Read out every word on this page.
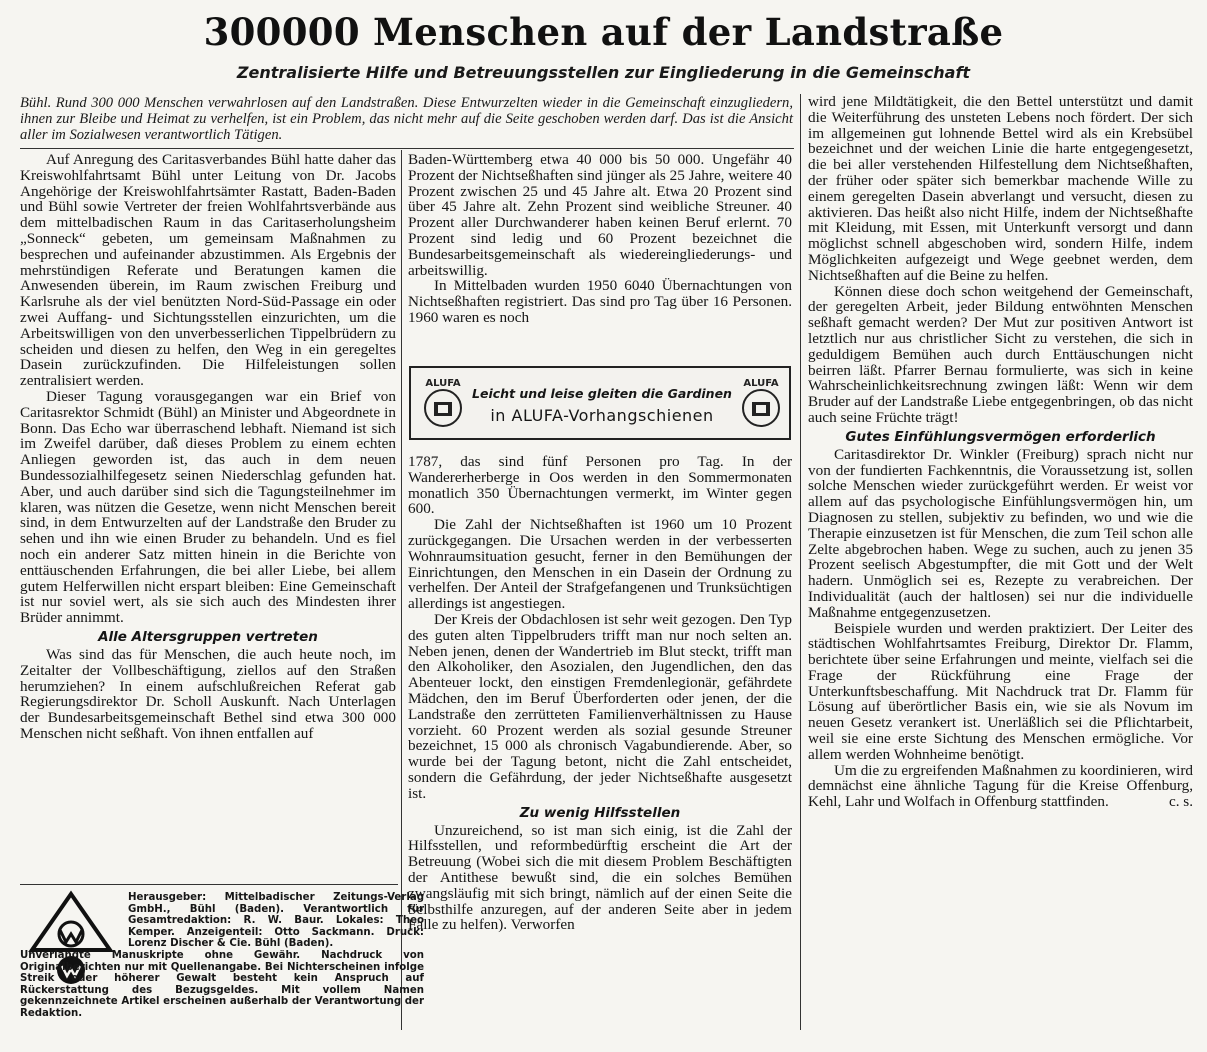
300000 Menschen auf der Landstraße
Zentralisierte Hilfe und Betreuungsstellen zur Eingliederung in die Gemeinschaft

Bühl. Rund 300 000 Menschen verwahrlosen auf den Landstraßen. Diese Entwurzelten wieder in die Gemeinschaft einzugliedern, ihnen zur Bleibe und Heimat zu verhelfen, ist ein Problem, das nicht mehr auf die Seite geschoben werden darf. Das ist die Ansicht aller im Sozialwesen verantwortlich Tätigen.

Auf Anregung des Caritasverbandes Bühl hatte daher das Kreiswohlfahrtsamt Bühl unter Leitung von Dr. Jacobs Angehörige der Kreiswohlfahrtsämter Rastatt, Baden-Baden und Bühl sowie Vertreter der freien Wohlfahrtsverbände aus dem mittelbadischen Raum in das Caritaserholungsheim „Sonneck“ gebeten, um gemeinsam Maßnahmen zu besprechen und aufeinander abzustimmen. Als Ergebnis der mehrstündigen Referate und Beratungen kamen die Anwesenden überein, im Raum zwischen Freiburg und Karlsruhe als der viel benützten Nord-Süd-Passage ein oder zwei Auffang- und Sichtungsstellen einzurichten, um die Arbeitswilligen von den unverbesserlichen Tippelbrüdern zu scheiden und diesen zu helfen, den Weg in ein geregeltes Dasein zurückzufinden. Die Hilfeleistungen sollen zentralisiert werden.

Dieser Tagung vorausgegangen war ein Brief von Caritasrektor Schmidt (Bühl) an Minister und Abgeordnete in Bonn. Das Echo war überraschend lebhaft. Niemand ist sich im Zweifel darüber, daß dieses Problem zu einem echten Anliegen geworden ist, das auch in dem neuen Bundessozialhilfegesetz seinen Niederschlag gefunden hat. Aber, und auch darüber sind sich die Tagungsteilnehmer im klaren, was nützen die Gesetze, wenn nicht Menschen bereit sind, in dem Entwurzelten auf der Landstraße den Bruder zu sehen und ihn wie einen Bruder zu behandeln. Und es fiel noch ein anderer Satz mitten hinein in die Berichte von enttäuschenden Erfahrungen, die bei aller Liebe, bei allem gutem Helferwillen nicht erspart bleiben: Eine Gemeinschaft ist nur soviel wert, als sie sich auch des Mindesten ihrer Brüder annimmt.

Alle Altersgruppen vertreten

Was sind das für Menschen, die auch heute noch, im Zeitalter der Vollbeschäftigung, ziellos auf den Straßen herumziehen? In einem aufschlußreichen Referat gab Regierungsdirektor Dr. Scholl Auskunft. Nach Unterlagen der Bundesarbeitsgemeinschaft Bethel sind etwa 300 000 Menschen nicht seßhaft. Von ihnen entfallen auf

Baden-Württemberg etwa 40 000 bis 50 000. Ungefähr 40 Prozent der Nichtseßhaften sind jünger als 25 Jahre, weitere 40 Prozent zwischen 25 und 45 Jahre alt. Etwa 20 Prozent sind über 45 Jahre alt. Zehn Prozent sind weibliche Streuner. 40 Prozent aller Durchwanderer haben keinen Beruf erlernt. 70 Prozent sind ledig und 60 Prozent bezeichnet die Bundesarbeitsgemeinschaft als wiedereingliederungs- und arbeitswillig.

In Mittelbaden wurden 1950 6040 Übernachtungen von Nichtseßhaften registriert. Das sind pro Tag über 16 Personen. 1960 waren es noch

ALUFA
Leicht und leise gleiten die Gardinen
in ALUFA-Vorhangschienen
ALUFA

1787, das sind fünf Personen pro Tag. In der Wandererherberge in Oos werden in den Sommermonaten monatlich 350 Übernachtungen vermerkt, im Winter gegen 600.

Die Zahl der Nichtseßhaften ist 1960 um 10 Prozent zurückgegangen. Die Ursachen werden in der verbesserten Wohnraumsituation gesucht, ferner in den Bemühungen der Einrichtungen, den Menschen in ein Dasein der Ordnung zu verhelfen. Der Anteil der Strafgefangenen und Trunksüchtigen allerdings ist angestiegen.

Der Kreis der Obdachlosen ist sehr weit gezogen. Den Typ des guten alten Tippelbruders trifft man nur noch selten an. Neben jenen, denen der Wandertrieb im Blut steckt, trifft man den Alkoholiker, den Asozialen, den Jugendlichen, den das Abenteuer lockt, den einstigen Fremdenlegionär, gefährdete Mädchen, den im Beruf Überforderten oder jenen, der die Landstraße den zerrütteten Familienverhältnissen zu Hause vorzieht. 60 Prozent werden als sozial gesunde Streuner bezeichnet, 15 000 als chronisch Vagabundierende. Aber, so wurde bei der Tagung betont, nicht die Zahl entscheidet, sondern die Gefährdung, der jeder Nichtseßhafte ausgesetzt ist.

Zu wenig Hilfsstellen

Unzureichend, so ist man sich einig, ist die Zahl der Hilfsstellen, und reformbedürftig erscheint die Art der Betreuung (Wobei sich die mit diesem Problem Beschäftigten der Antithese bewußt sind, die ein solches Bemühen zwangsläufig mit sich bringt, nämlich auf der einen Seite die Selbsthilfe anzuregen, auf der anderen Seite aber in jedem Falle zu helfen). Verworfen

wird jene Mildtätigkeit, die den Bettel unterstützt und damit die Weiterführung des unsteten Lebens noch fördert. Der sich im allgemeinen gut lohnende Bettel wird als ein Krebsübel bezeichnet und der weichen Linie die harte entgegengesetzt, die bei aller verstehenden Hilfestellung dem Nichtseßhaften, der früher oder später sich bemerkbar machende Wille zu einem geregelten Dasein abverlangt und versucht, diesen zu aktivieren. Das heißt also nicht Hilfe, indem der Nichtseßhafte mit Kleidung, mit Essen, mit Unterkunft versorgt und dann möglichst schnell abgeschoben wird, sondern Hilfe, indem Möglichkeiten aufgezeigt und Wege geebnet werden, dem Nichtseßhaften auf die Beine zu helfen.

Können diese doch schon weitgehend der Gemeinschaft, der geregelten Arbeit, jeder Bildung entwöhnten Menschen seßhaft gemacht werden? Der Mut zur positiven Antwort ist letztlich nur aus christlicher Sicht zu verstehen, die sich in geduldigem Bemühen auch durch Enttäuschungen nicht beirren läßt. Pfarrer Bernau formulierte, was sich in keine Wahrscheinlichkeitsrechnung zwingen läßt: Wenn wir dem Bruder auf der Landstraße Liebe entgegenbringen, ob das nicht auch seine Früchte trägt!

Gutes Einfühlungsvermögen erforderlich

Caritasdirektor Dr. Winkler (Freiburg) sprach nicht nur von der fundierten Fachkenntnis, die Voraussetzung ist, sollen solche Menschen wieder zurückgeführt werden. Er weist vor allem auf das psychologische Einfühlungsvermögen hin, um Diagnosen zu stellen, subjektiv zu befinden, wo und wie die Therapie einzusetzen ist für Menschen, die zum Teil schon alle Zelte abgebrochen haben. Wege zu suchen, auch zu jenen 35 Prozent seelisch Abgestumpfter, die mit Gott und der Welt hadern. Unmöglich sei es, Rezepte zu verabreichen. Der Individualität (auch der haltlosen) sei nur die individuelle Maßnahme entgegenzusetzen.

Beispiele wurden und werden praktiziert. Der Leiter des städtischen Wohlfahrtsamtes Freiburg, Direktor Dr. Flamm, berichtete über seine Erfahrungen und meinte, vielfach sei die Frage der Rückführung eine Frage der Unterkunftsbeschaffung. Mit Nachdruck trat Dr. Flamm für Lösung auf überörtlicher Basis ein, wie sie als Novum im neuen Gesetz verankert ist. Unerläßlich sei die Pflichtarbeit, weil sie eine erste Sichtung des Menschen ermögliche. Vor allem werden Wohnheime benötigt.

Um die zu ergreifenden Maßnahmen zu koordinieren, wird demnächst eine ähnliche Tagung für die Kreise Offenburg, Kehl, Lahr und Wolfach in Offenburg stattfinden.	c. s.

Herausgeber: Mittelbadischer Zeitungs-Verlag GmbH., Bühl (Baden). Verantwortlich für Gesamtredaktion: R. W. Baur. Lokales: Theo Kemper. Anzeigenteil: Otto Sackmann. Druck: Lorenz Discher & Cie. Bühl (Baden).
Unverlangte Manuskripte ohne Gewähr. Nachdruck von Originalberichten nur mit Quellenangabe. Bei Nichterscheinen infolge Streik oder höherer Gewalt besteht kein Anspruch auf Rückerstattung des Bezugsgeldes. Mit vollem Namen gekennzeichnete Artikel erscheinen außerhalb der Verantwortung der Redaktion.
